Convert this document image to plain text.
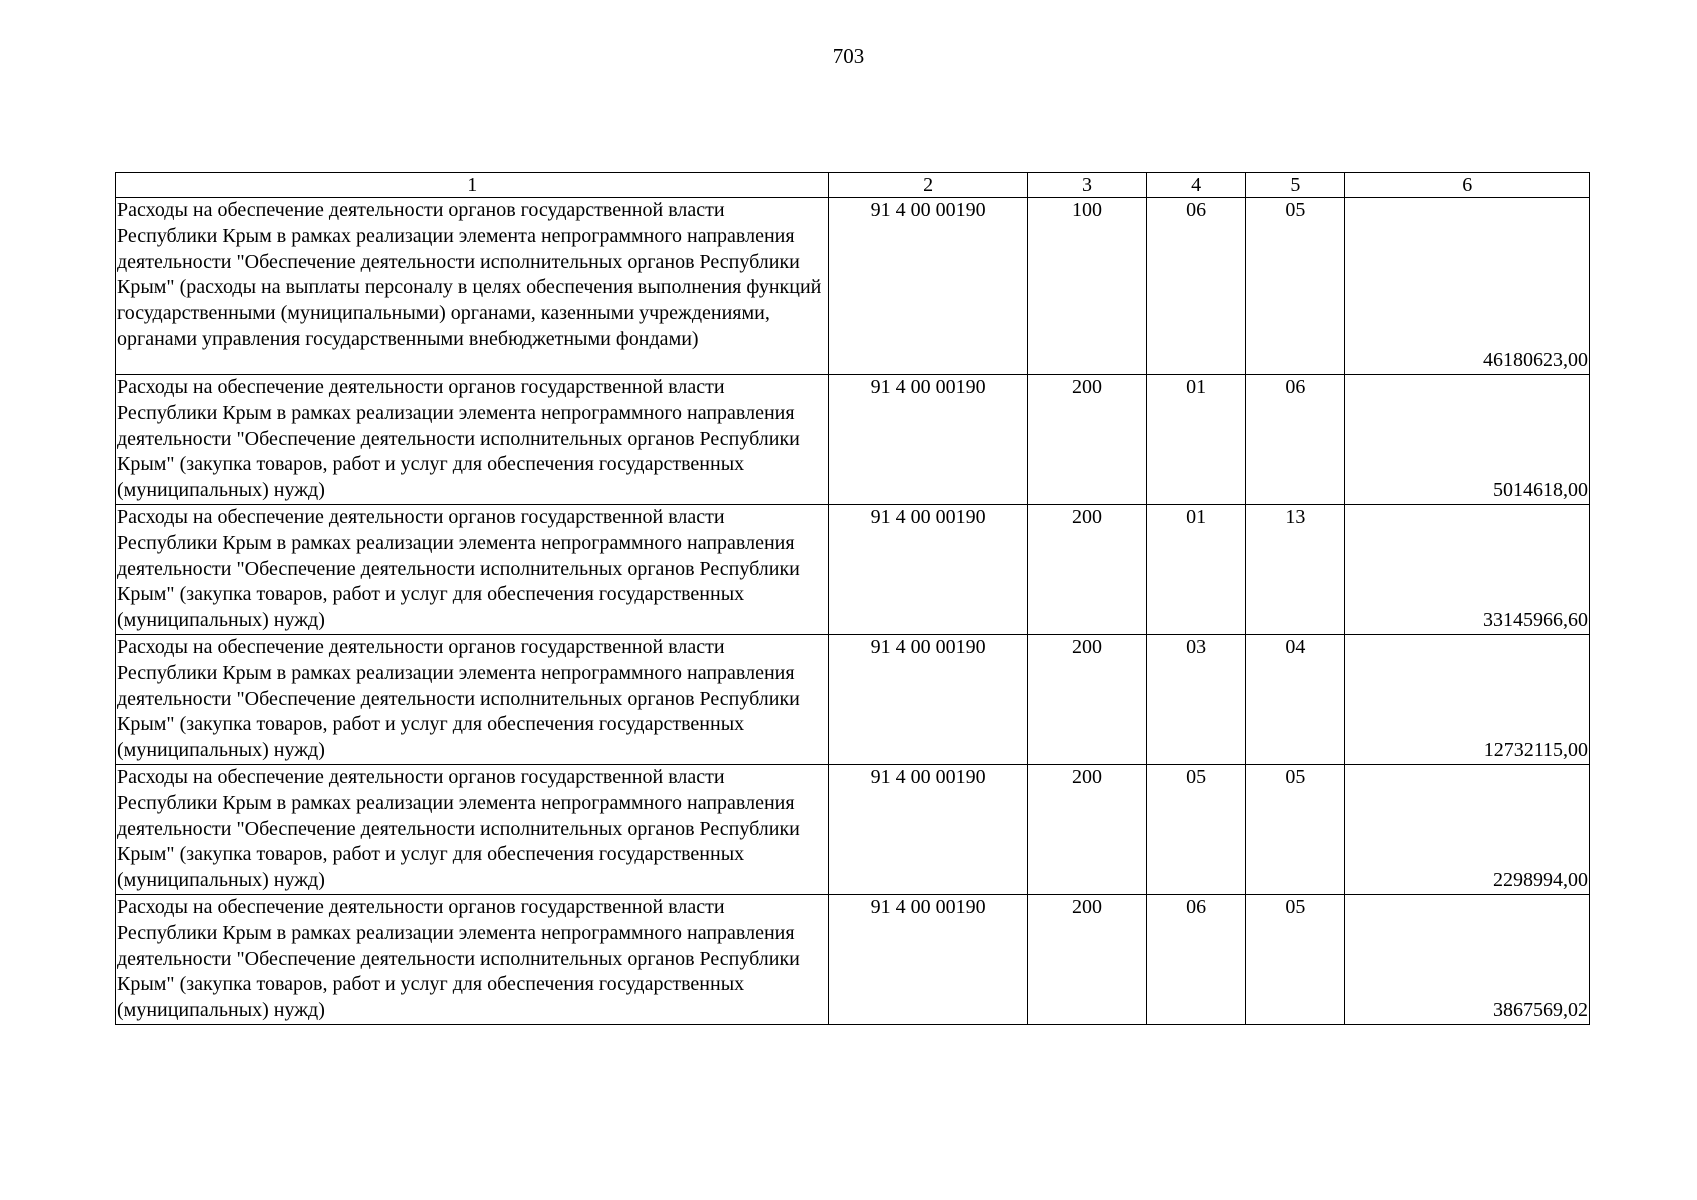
703
1	2	3	4	5	6
Расходы на обеспечение деятельности органов государственной власти Республики Крым в рамках реализации элемента непрограммного направления деятельности "Обеспечение деятельности исполнительных органов Республики Крым" (расходы на выплаты персоналу в целях обеспечения выполнения функций государственными (муниципальными) органами, казенными учреждениями, органами управления государственными внебюджетными фондами)	91 4 00 00190	100	06	05	46180623,00
Расходы на обеспечение деятельности органов государственной власти Республики Крым в рамках реализации элемента непрограммного направления деятельности "Обеспечение деятельности исполнительных органов Республики Крым" (закупка товаров, работ и услуг для обеспечения государственных (муниципальных) нужд)	91 4 00 00190	200	01	06	5014618,00
Расходы на обеспечение деятельности органов государственной власти Республики Крым в рамках реализации элемента непрограммного направления деятельности "Обеспечение деятельности исполнительных органов Республики Крым" (закупка товаров, работ и услуг для обеспечения государственных (муниципальных) нужд)	91 4 00 00190	200	01	13	33145966,60
Расходы на обеспечение деятельности органов государственной власти Республики Крым в рамках реализации элемента непрограммного направления деятельности "Обеспечение деятельности исполнительных органов Республики Крым" (закупка товаров, работ и услуг для обеспечения государственных (муниципальных) нужд)	91 4 00 00190	200	03	04	12732115,00
Расходы на обеспечение деятельности органов государственной власти Республики Крым в рамках реализации элемента непрограммного направления деятельности "Обеспечение деятельности исполнительных органов Республики Крым" (закупка товаров, работ и услуг для обеспечения государственных (муниципальных) нужд)	91 4 00 00190	200	05	05	2298994,00
Расходы на обеспечение деятельности органов государственной власти Республики Крым в рамках реализации элемента непрограммного направления деятельности "Обеспечение деятельности исполнительных органов Республики Крым" (закупка товаров, работ и услуг для обеспечения государственных (муниципальных) нужд)	91 4 00 00190	200	06	05	3867569,02
